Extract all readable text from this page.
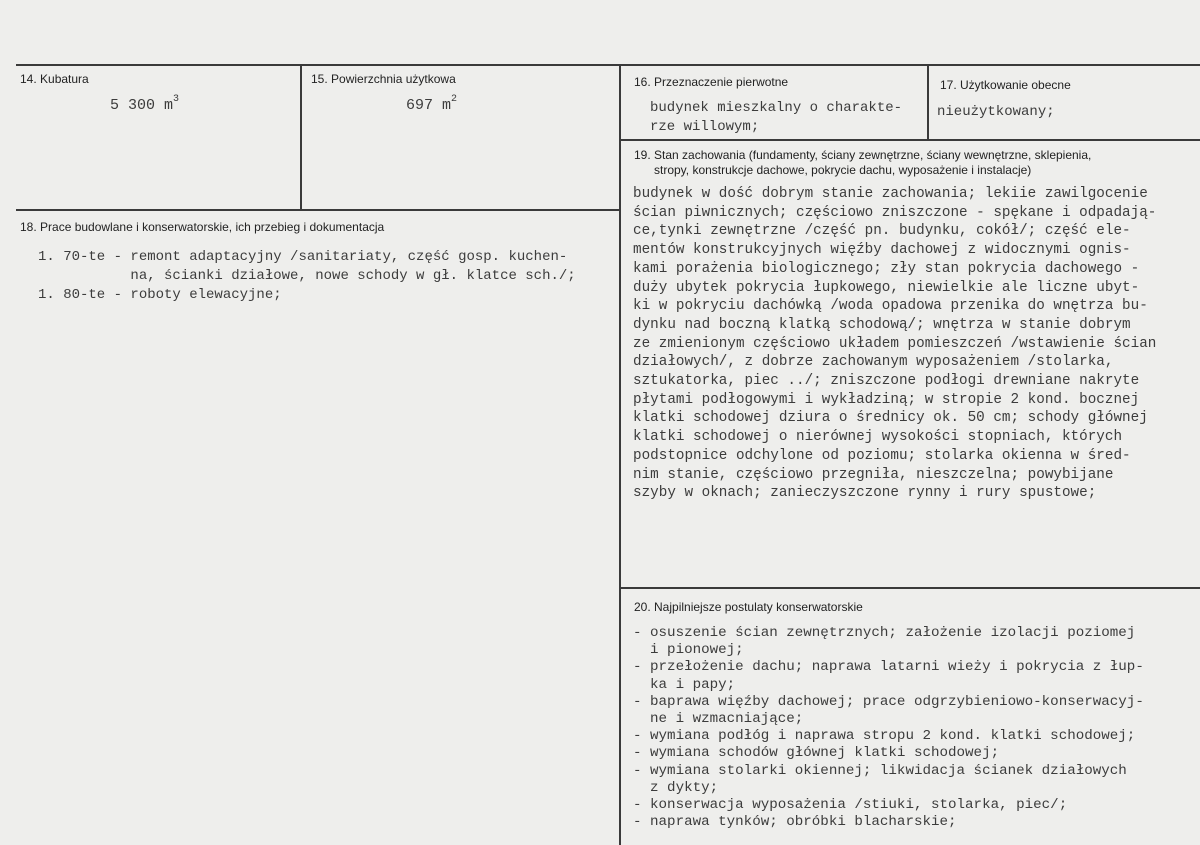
14. Kubatura
5 300 $m^3$
15. Powierzchnia użytkowa
697 $m^2$
16. Przeznaczenie pierwotne
budynek mieszkalny o charakte-
rze willowym;
17. Użytkowanie obecne
nieużytkowany;
18. Prace budowlane i konserwatorskie, ich przebieg i dokumentacja
1. 70-te - remont adaptacyjny /sanitariaty, część gosp. kuchen-
na, ścianki działowe, nowe schody w gł. klatce sch./;
1. 80-te - roboty elewacyjne;
19. Stan zachowania (fundamenty, ściany zewnętrzne, ściany wewnętrzne, sklepienia,
stropy, konstrukcje dachowe, pokrycie dachu, wyposażenie i instalacje)
budynek w dość dobrym stanie zachowania; lekiie zawilgocenie
ścian piwnicznych; częściowo zniszczone - spękane i odpadają-
ce,tynki zewnętrzne /część pn. budynku, cokół/; część ele-
mentów konstrukcyjnych więźby dachowej z widocznymi ognis-
kami porażenia biologicznego; zły stan pokrycia dachowego -
duży ubytek pokrycia łupkowego, niewielkie ale liczne ubyt-
ki w pokryciu dachówką /woda opadowa przenika do wnętrza bu-
dynku nad boczną klatką schodową/; wnętrza w stanie dobrym
ze zmienionym częściowo układem pomieszczeń /wstawienie ścian
działowych/, z dobrze zachowanym wyposażeniem /stolarka,
sztukatorka, piec ../; zniszczone podłogi drewniane nakryte
płytami podłogowymi i wykładziną; w stropie 2 kond. bocznej
klatki schodowej dziura o średnicy ok. 50 cm; schody głównej
klatki schodowej o nierównej wysokości stopniach, których
podstopnice odchylone od poziomu; stolarka okienna w śred-
nim stanie, częściowo przegniła, nieszczelna; powybijane
szyby w oknach; zanieczyszczone rynny i rury spustowe;
20. Najpilniejsze postulaty konserwatorskie
- osuszenie ścian zewnętrznych; założenie izolacji poziomej
i pionowej;
- przełożenie dachu; naprawa latarni wieży i pokrycia z łup-
ka i papy;
- baprawa więźby dachowej; prace odgrzybieniowo-konserwacyj-
ne i wzmacniające;
- wymiana podłóg i naprawa stropu 2 kond. klatki schodowej;
- wymiana schodów głównej klatki schodowej;
- wymiana stolarki okiennej; likwidacja ścianek działowych
z dykty;
- konserwacja wyposażenia /stiuki, stolarka, piec/;
- naprawa tynków; obróbki blacharskie;
